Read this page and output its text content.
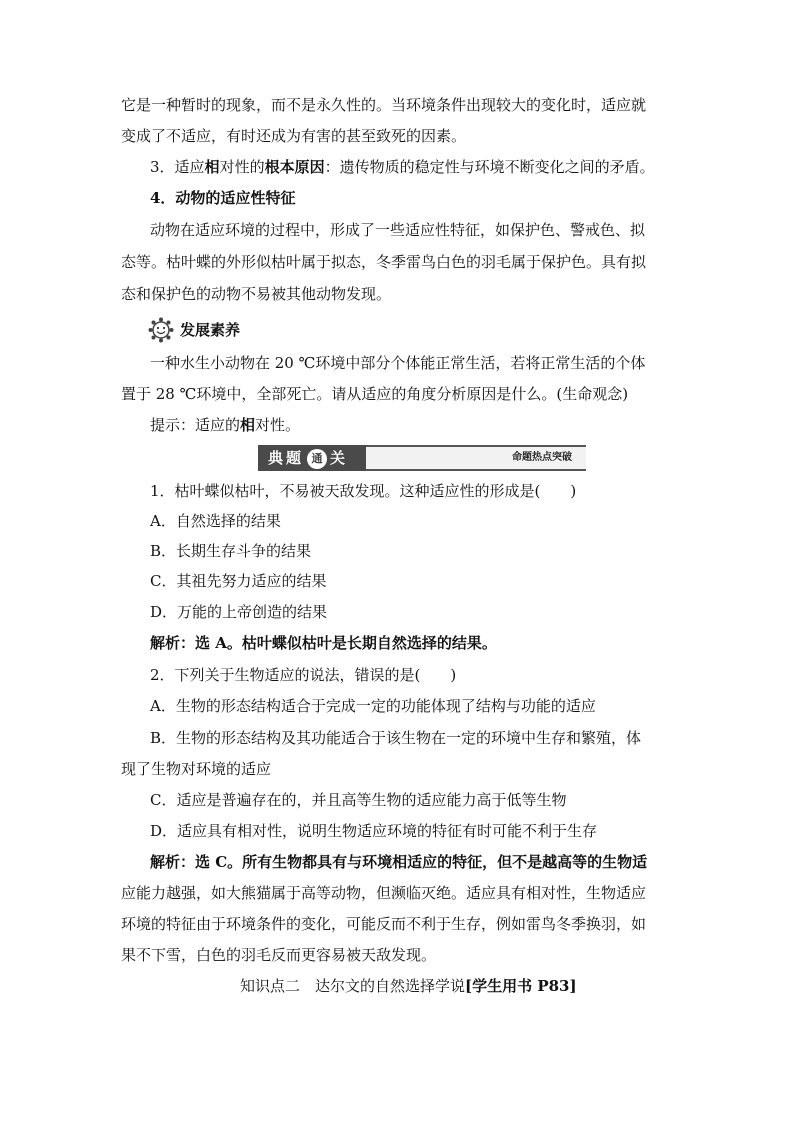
它是一种暂时的现象，而不是永久性的。当环境条件出现较大的变化时，适应就
变成了不适应，有时还成为有害的甚至致死的因素。
3．适应相对性的根本原因：遗传物质的稳定性与环境不断变化之间的矛盾。
4．动物的适应性特征
动物在适应环境的过程中，形成了一些适应性特征，如保护色、警戒色、拟
态等。枯叶蝶的外形似枯叶属于拟态，冬季雷鸟白色的羽毛属于保护色。具有拟
态和保护色的动物不易被其他动物发现。
发展素养
一种水生小动物在 20 ℃环境中部分个体能正常生活，若将正常生活的个体
置于 28 ℃环境中，全部死亡。请从适应的角度分析原因是什么。(生命观念)
提示：适应的相对性。
典题 通 关	命题热点突破
1．枯叶蝶似枯叶，不易被天敌发现。这种适应性的形成是(　　)
A．自然选择的结果
B．长期生存斗争的结果
C．其祖先努力适应的结果
D．万能的上帝创造的结果
解析：选 A。枯叶蝶似枯叶是长期自然选择的结果。
2．下列关于生物适应的说法，错误的是(　　)
A．生物的形态结构适合于完成一定的功能体现了结构与功能的适应
B．生物的形态结构及其功能适合于该生物在一定的环境中生存和繁殖，体
现了生物对环境的适应
C．适应是普遍存在的，并且高等生物的适应能力高于低等生物
D．适应具有相对性，说明生物适应环境的特征有时可能不利于生存
解析：选 C。所有生物都具有与环境相适应的特征，但不是越高等的生物适
应能力越强，如大熊猫属于高等动物，但濒临灭绝。适应具有相对性，生物适应
环境的特征由于环境条件的变化，可能反而不利于生存，例如雷鸟冬季换羽，如
果不下雪，白色的羽毛反而更容易被天敌发现。
知识点二　达尔文的自然选择学说[学生用书 P83]
